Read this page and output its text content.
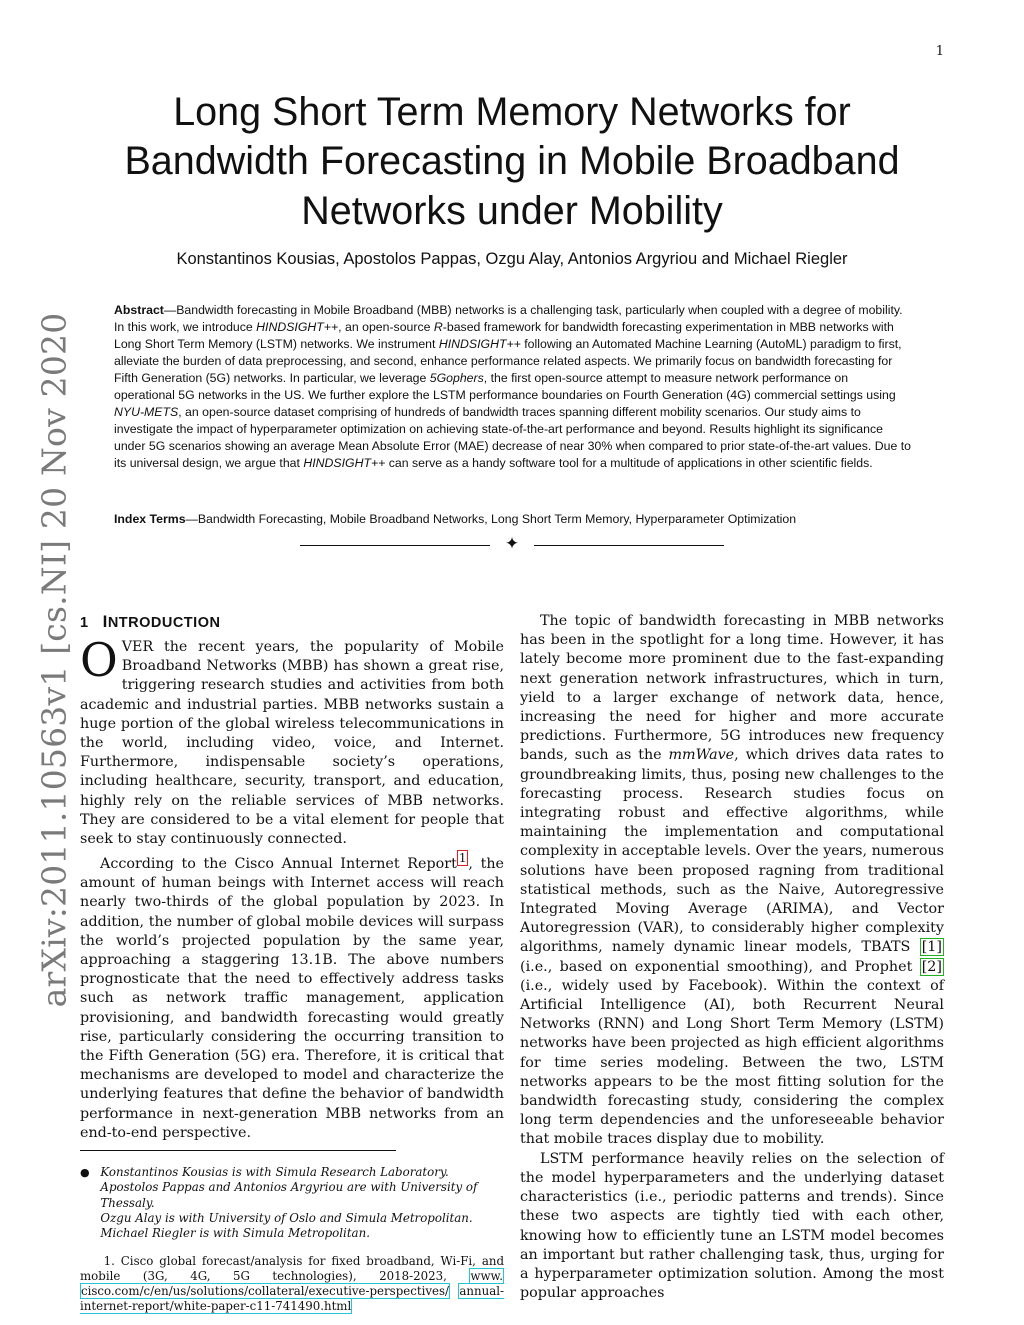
1
arXiv:2011.10563v1 [cs.NI] 20 Nov 2020
Long Short Term Memory Networks for
Bandwidth Forecasting in Mobile Broadband
Networks under Mobility
Konstantinos Kousias, Apostolos Pappas, Ozgu Alay, Antonios Argyriou and Michael Riegler
Abstract—Bandwidth forecasting in Mobile Broadband (MBB) networks is a challenging task, particularly when coupled with a degree of mobility. In this work, we introduce HINDSIGHT++, an open-source R-based framework for bandwidth forecasting experimentation in MBB networks with Long Short Term Memory (LSTM) networks. We instrument HINDSIGHT++ following an Automated Machine Learning (AutoML) paradigm to first, alleviate the burden of data preprocessing, and second, enhance performance related aspects. We primarily focus on bandwidth forecasting for Fifth Generation (5G) networks. In particular, we leverage 5Gophers, the first open-source attempt to measure network performance on operational 5G networks in the US. We further explore the LSTM performance boundaries on Fourth Generation (4G) commercial settings using NYU-METS, an open-source dataset comprising of hundreds of bandwidth traces spanning different mobility scenarios. Our study aims to investigate the impact of hyperparameter optimization on achieving state-of-the-art performance and beyond. Results highlight its significance under 5G scenarios showing an average Mean Absolute Error (MAE) decrease of near 30% when compared to prior state-of-the-art values. Due to its universal design, we argue that HINDSIGHT++ can serve as a handy software tool for a multitude of applications in other scientific fields.
Index Terms—Bandwidth Forecasting, Mobile Broadband Networks, Long Short Term Memory, Hyperparameter Optimization
✦
1 INTRODUCTION

OVER the recent years, the popularity of Mobile Broadband Networks (MBB) has shown a great rise, triggering research studies and activities from both academic and industrial parties. MBB networks sustain a huge portion of the global wireless telecommunications in the world, including video, voice, and Internet. Furthermore, indispensable society’s operations, including healthcare, security, transport, and education, highly rely on the reliable services of MBB networks. They are considered to be a vital element for people that seek to stay continuously connected.

According to the Cisco Annual Internet Report $^1$ , the amount of human beings with Internet access will reach nearly two-thirds of the global population by 2023. In addition, the number of global mobile devices will surpass the world’s projected population by the same year, approaching a staggering 13.1B. The above numbers prognosticate that the need to effectively address tasks such as network traffic management, application provisioning, and bandwidth forecasting would greatly rise, particularly considering the occurring transition to the Fifth Generation (5G) era. Therefore, it is critical that mechanisms are developed to model and characterize the underlying features that define the behavior of bandwidth performance in next-generation MBB networks from an end-to-end perspective.

● Konstantinos Kousias is with Simula Research Laboratory.
Apostolos Pappas and Antonios Argyriou are with University of Thessaly.
Ozgu Alay is with University of Oslo and Simula Metropolitan.
Michael Riegler is with Simula Metropolitan.
1. Cisco global forecast/analysis for fixed broadband, Wi-Fi, and mobile (3G, 4G, 5G technologies), 2018-2023, www. cisco.com/c/en/us/solutions/collateral/executive-perspectives/ annual-internet-report/white-paper-c11-741490.html

The topic of bandwidth forecasting in MBB networks has been in the spotlight for a long time. However, it has lately become more prominent due to the fast-expanding next generation network infrastructures, which in turn, yield to a larger exchange of network data, hence, increasing the need for higher and more accurate predictions. Furthermore, 5G introduces new frequency bands, such as the mmWave, which drives data rates to groundbreaking limits, thus, posing new challenges to the forecasting process. Research studies focus on integrating robust and effective algorithms, while maintaining the implementation and computational complexity in acceptable levels. Over the years, numerous solutions have been proposed ragning from traditional statistical methods, such as the Naive, Autoregressive Integrated Moving Average (ARIMA), and Vector Autoregression (VAR), to considerably higher complexity algorithms, namely dynamic linear models, TBATS [1] (i.e., based on exponential smoothing), and Prophet [2] (i.e., widely used by Facebook). Within the context of Artificial Intelligence (AI), both Recurrent Neural Networks (RNN) and Long Short Term Memory (LSTM) networks have been projected as high efficient algorithms for time series modeling. Between the two, LSTM networks appears to be the most fitting solution for the bandwidth forecasting study, considering the complex long term dependencies and the unforeseeable behavior that mobile traces display due to mobility.

LSTM performance heavily relies on the selection of the model hyperparameters and the underlying dataset characteristics (i.e., periodic patterns and trends). Since these two aspects are tightly tied with each other, knowing how to efficiently tune an LSTM model becomes an important but rather challenging task, thus, urging for a hyperparameter optimization solution. Among the most popular approaches
